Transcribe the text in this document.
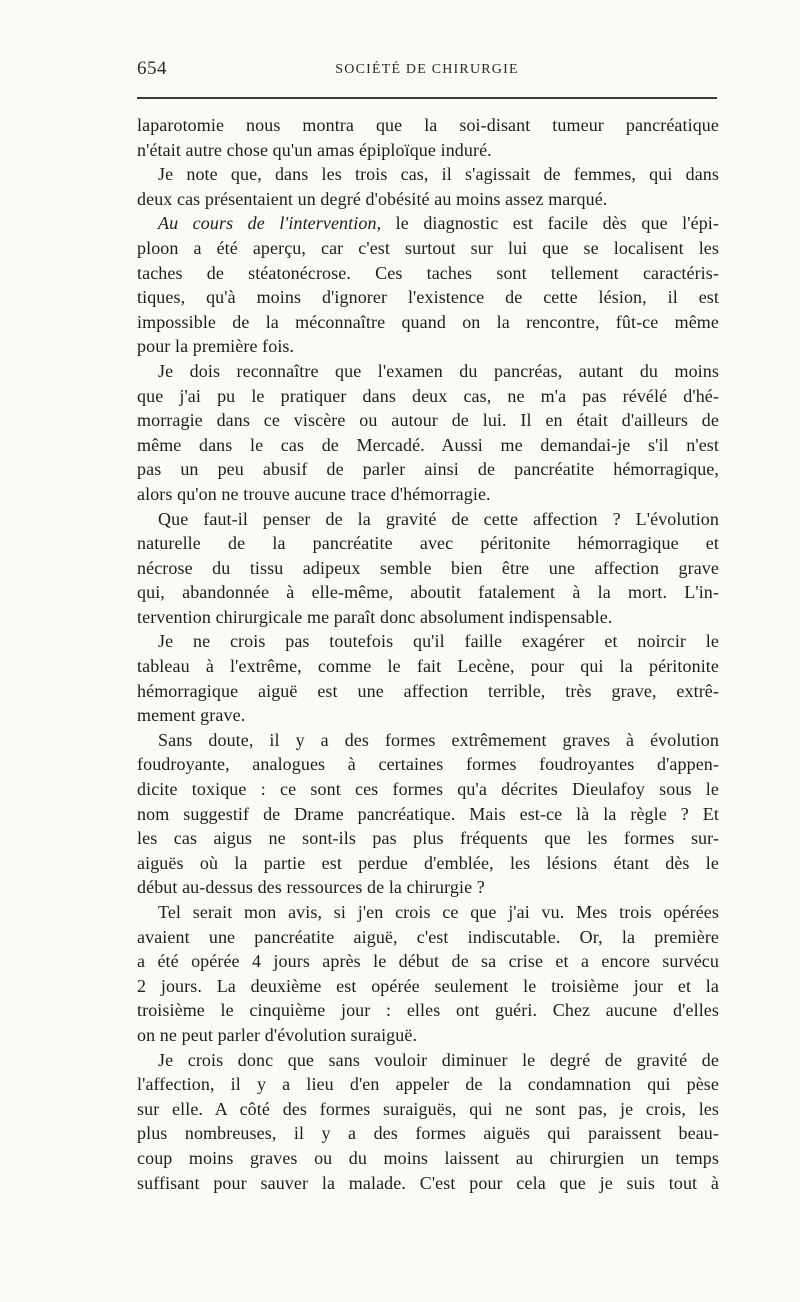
654	SOCIÉTÉ DE CHIRURGIE
laparotomie nous montra que la soi-disant tumeur pancréatique
n'était autre chose qu'un amas épiploïque induré.
Je note que, dans les trois cas, il s'agissait de femmes, qui dans
deux cas présentaient un degré d'obésité au moins assez marqué.
Au cours de l'intervention, le diagnostic est facile dès que l'épi-
ploon a été aperçu, car c'est surtout sur lui que se localisent les
taches de stéatonécrose. Ces taches sont tellement caractéris-
tiques, qu'à moins d'ignorer l'existence de cette lésion, il est
impossible de la méconnaître quand on la rencontre, fût-ce même
pour la première fois.
Je dois reconnaître que l'examen du pancréas, autant du moins
que j'ai pu le pratiquer dans deux cas, ne m'a pas révélé d'hé-
morragie dans ce viscère ou autour de lui. Il en était d'ailleurs de
même dans le cas de Mercadé. Aussi me demandai-je s'il n'est
pas un peu abusif de parler ainsi de pancréatite hémorragique,
alors qu'on ne trouve aucune trace d'hémorragie.
Que faut-il penser de la gravité de cette affection ? L'évolution
naturelle de la pancréatite avec péritonite hémorragique et
nécrose du tissu adipeux semble bien être une affection grave
qui, abandonnée à elle-même, aboutit fatalement à la mort. L'in-
tervention chirurgicale me paraît donc absolument indispensable.
Je ne crois pas toutefois qu'il faille exagérer et noircir le
tableau à l'extrême, comme le fait Lecène, pour qui la péritonite
hémorragique aiguë est une affection terrible, très grave, extrê-
mement grave.
Sans doute, il y a des formes extrêmement graves à évolution
foudroyante, analogues à certaines formes foudroyantes d'appen-
dicite toxique : ce sont ces formes qu'a décrites Dieulafoy sous le
nom suggestif de Drame pancréatique. Mais est-ce là la règle ? Et
les cas aigus ne sont-ils pas plus fréquents que les formes sur-
aiguës où la partie est perdue d'emblée, les lésions étant dès le
début au-dessus des ressources de la chirurgie ?
Tel serait mon avis, si j'en crois ce que j'ai vu. Mes trois opérées
avaient une pancréatite aiguë, c'est indiscutable. Or, la première
a été opérée 4 jours après le début de sa crise et a encore survécu
2 jours. La deuxième est opérée seulement le troisième jour et la
troisième le cinquième jour : elles ont guéri. Chez aucune d'elles
on ne peut parler d'évolution suraiguë.
Je crois donc que sans vouloir diminuer le degré de gravité de
l'affection, il y a lieu d'en appeler de la condamnation qui pèse
sur elle. A côté des formes suraiguës, qui ne sont pas, je crois, les
plus nombreuses, il y a des formes aiguës qui paraissent beau-
coup moins graves ou du moins laissent au chirurgien un temps
suffisant pour sauver la malade. C'est pour cela que je suis tout à
